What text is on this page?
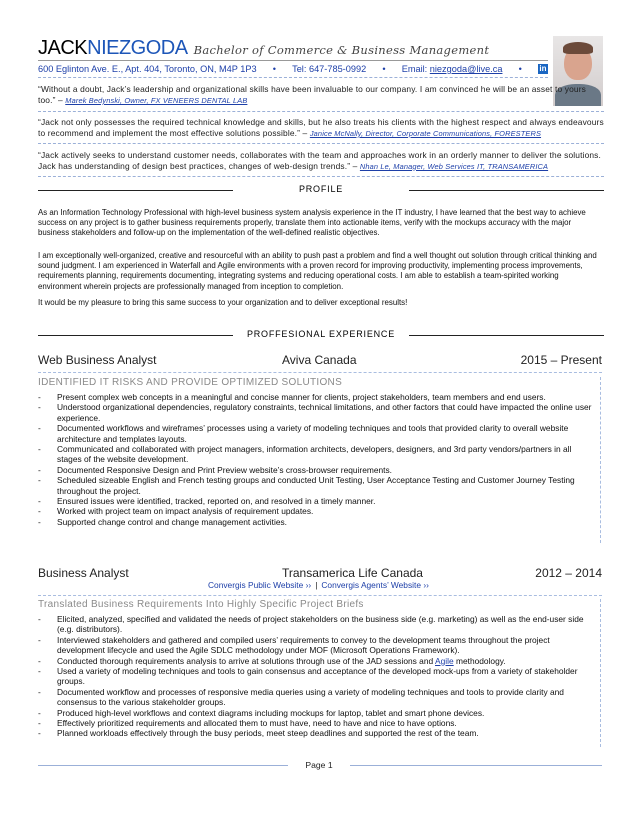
JACKNIEZGODA Bachelor of Commerce & Business Management
600 Eglinton Ave. E., Apt. 404, Toronto, ON, M4P 1P3 • Tel: 647-785-0992 • Email: niezgoda@live.ca • in
“Without a doubt, Jack’s leadership and organizational skills have been invaluable to our company. I am convinced he will be an asset to yours too.” – Marek Bedynski, Owner, FX VENEERS DENTAL LAB
“Jack not only possesses the required technical knowledge and skills, but he also treats his clients with the highest respect and always endeavours to recommend and implement the most effective solutions possible.” – Janice McNally, Director, Corporate Communications, FORESTERS
“Jack actively seeks to understand customer needs, collaborates with the team and approaches work in an orderly manner to deliver the solutions. Jack has understanding of design best practices, changes of web-design trends.” – Nhan Le, Manager, Web Services IT, TRANSAMERICA
PROFILE
As an Information Technology Professional with high-level business system analysis experience in the IT industry, I have learned that the best way to achieve success on any project is to gather business requirements properly, translate them into actionable items, verify with the mockups accuracy with the major business stakeholders and follow-up on the implementation of the well-defined realistic objectives.
I am exceptionally well-organized, creative and resourceful with an ability to push past a problem and find a well thought out solution through critical thinking and sound judgment. I am experienced in Waterfall and Agile environments with a proven record for improving productivity, implementing process improvements, requirements planning, requirements documenting, integrating systems and reducing operational costs. I am able to establish a team-spirited working environment wherein projects are professionally managed from inception to completion.
It would be my pleasure to bring this same success to your organization and to deliver exceptional results!
PROFFESIONAL EXPERIENCE
Web Business Analyst	Aviva Canada	2015 – Present
IDENTIFIED IT RISKS AND PROVIDE OPTIMIZED SOLUTIONS
- Present complex web concepts in a meaningful and concise manner for clients, project stakeholders, team members and end users.
- Understood organizational dependencies, regulatory constraints, technical limitations, and other factors that could have impacted the online user experience.
- Documented workflows and wireframes’ processes using a variety of modeling techniques and tools that provided clarity to overall website architecture and templates layouts.
- Communicated and collaborated with project managers, information architects, developers, designers, and 3rd party vendors/partners in all stages of the website development.
- Documented Responsive Design and Print Preview website’s cross-browser requirements.
- Scheduled sizeable English and French testing groups and conducted Unit Testing, User Acceptance Testing and Customer Journey Testing throughout the project.
- Ensured issues were identified, tracked, reported on, and resolved in a timely manner.
- Worked with project team on impact analysis of requirement updates.
- Supported change control and change management activities.
Business Analyst	Transamerica Life Canada	2012 – 2014
Convergis Public Website ›› | Convergis Agents’ Website ››
Translated Business Requirements Into Highly Specific Project Briefs
- Elicited, analyzed, specified and validated the needs of project stakeholders on the business side (e.g. marketing) as well as the end-user side (e.g. distributors).
- Interviewed stakeholders and gathered and compiled users’ requirements to convey to the development teams throughout the project development lifecycle and used the Agile SDLC methodology under MOF (Microsoft Operations Framework).
- Conducted thorough requirements analysis to arrive at solutions through use of the JAD sessions and Agile methodology.
- Used a variety of modeling techniques and tools to gain consensus and acceptance of the developed mock-ups from a variety of stakeholder groups.
- Documented workflow and processes of responsive media queries using a variety of modeling techniques and tools to provide clarity and consensus to the various stakeholder groups.
- Produced high-level workflows and context diagrams including mockups for laptop, tablet and smart phone devices.
- Effectively prioritized requirements and allocated them to must have, need to have and nice to have options.
- Planned workloads effectively through the busy periods, meet steep deadlines and supported the rest of the team.
Page 1
